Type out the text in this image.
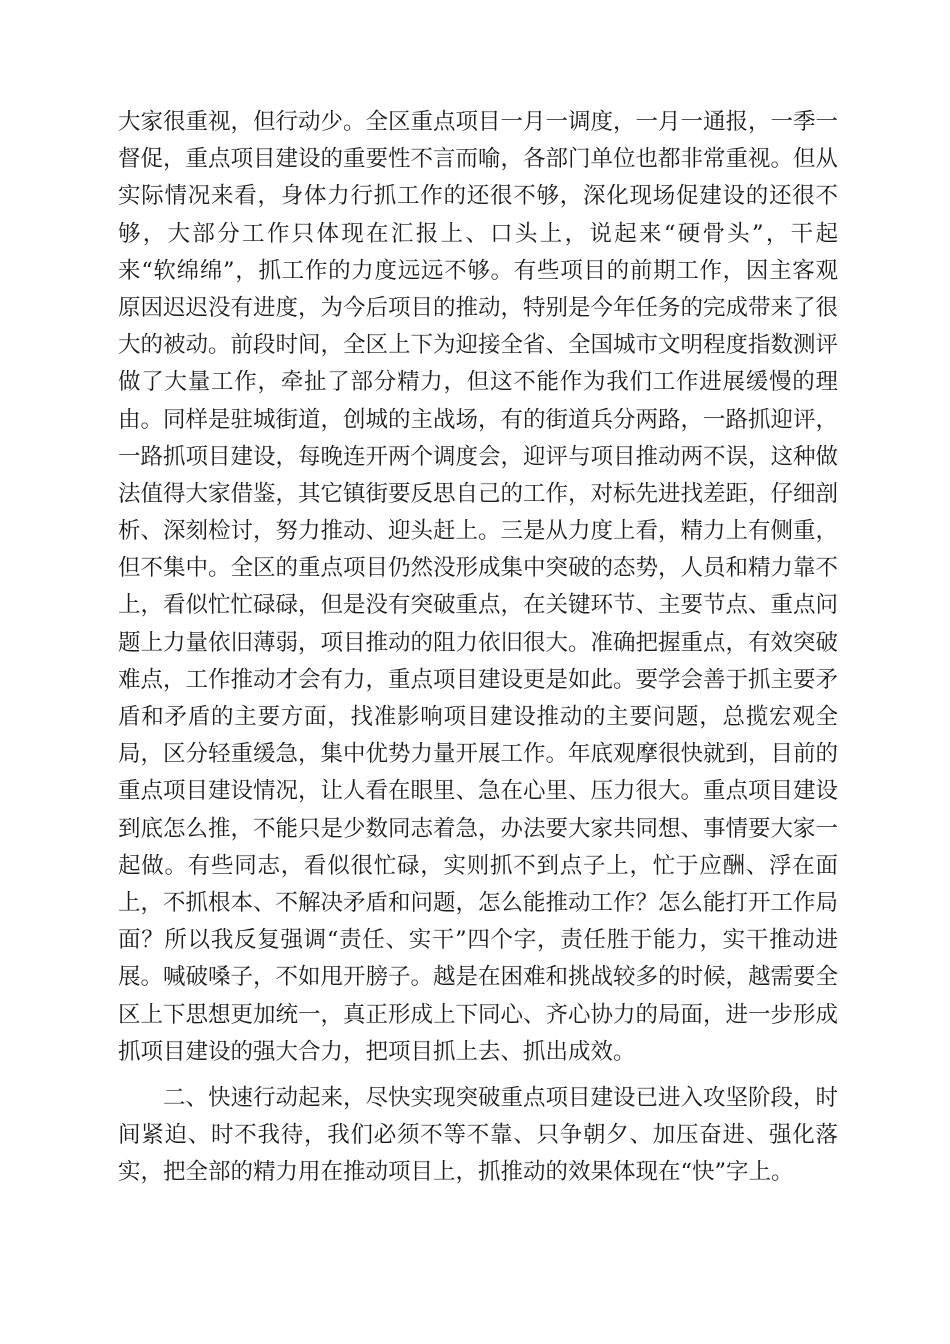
大家很重视，但行动少。全区重点项目一月一调度，一月一通报，一季一
督促，重点项目建设的重要性不言而喻，各部门单位也都非常重视。但从
实际情况来看，身体力行抓工作的还很不够，深化现场促建设的还很不
够，大部分工作只体现在汇报上、口头上，说起来“硬骨头”，干起
来“软绵绵”，抓工作的力度远远不够。有些项目的前期工作，因主客观
原因迟迟没有进度，为今后项目的推动，特别是今年任务的完成带来了很
大的被动。前段时间，全区上下为迎接全省、全国城市文明程度指数测评
做了大量工作，牵扯了部分精力，但这不能作为我们工作进展缓慢的理
由。同样是驻城街道，创城的主战场，有的街道兵分两路，一路抓迎评，
一路抓项目建设，每晚连开两个调度会，迎评与项目推动两不误，这种做
法值得大家借鉴，其它镇街要反思自己的工作，对标先进找差距，仔细剖
析、深刻检讨，努力推动、迎头赶上。三是从力度上看，精力上有侧重，
但不集中。全区的重点项目仍然没形成集中突破的态势，人员和精力靠不
上，看似忙忙碌碌，但是没有突破重点，在关键环节、主要节点、重点问
题上力量依旧薄弱，项目推动的阻力依旧很大。准确把握重点，有效突破
难点，工作推动才会有力，重点项目建设更是如此。要学会善于抓主要矛
盾和矛盾的主要方面，找准影响项目建设推动的主要问题，总揽宏观全
局，区分轻重缓急，集中优势力量开展工作。年底观摩很快就到，目前的
重点项目建设情况，让人看在眼里、急在心里、压力很大。重点项目建设
到底怎么推，不能只是少数同志着急，办法要大家共同想、事情要大家一
起做。有些同志，看似很忙碌，实则抓不到点子上，忙于应酬、浮在面
上，不抓根本、不解决矛盾和问题，怎么能推动工作？怎么能打开工作局
面？所以我反复强调“责任、实干”四个字，责任胜于能力，实干推动进
展。喊破嗓子，不如甩开膀子。越是在困难和挑战较多的时候，越需要全
区上下思想更加统一，真正形成上下同心、齐心协力的局面，进一步形成
抓项目建设的强大合力，把项目抓上去、抓出成效。
二、快速行动起来，尽快实现突破重点项目建设已进入攻坚阶段，时
间紧迫、时不我待，我们必须不等不靠、只争朝夕、加压奋进、强化落
实，把全部的精力用在推动项目上，抓推动的效果体现在“快”字上。
